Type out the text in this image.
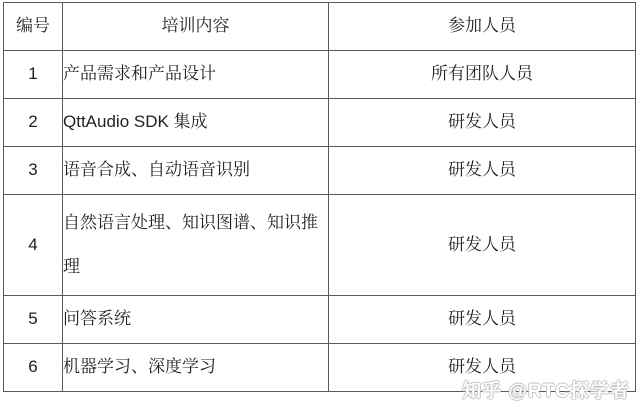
编号	培训内容	参加人员
1	产品需求和产品设计	所有团队人员
2	QttAudio SDK 集成	研发人员
3	语音合成、自动语音识别	研发人员
4	自然语言处理、知识图谱、知识推理	研发人员
5	问答系统	研发人员
6	机器学习、深度学习	研发人员
知乎 @RTC探学者
